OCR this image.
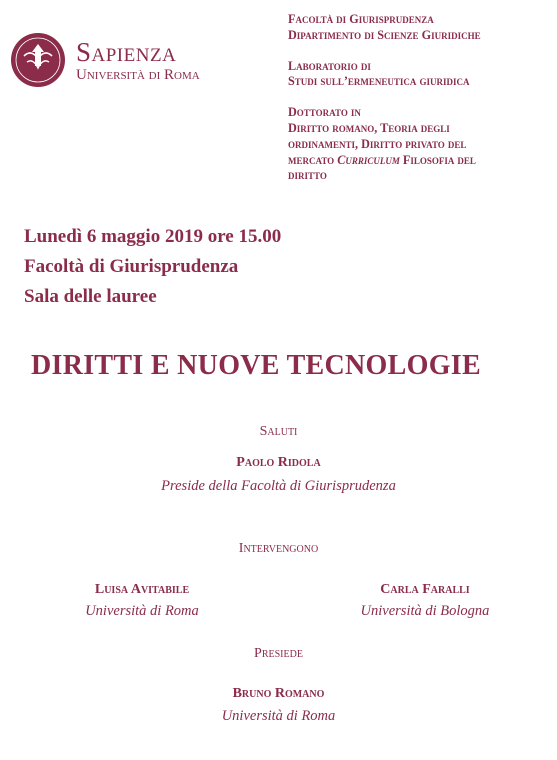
Sapienza
Università di Roma
Facoltà di Giurisprudenza
Dipartimento di Scienze Giuridiche
Laboratorio di
Studi sull’ermeneutica giuridica
Dottorato in
Diritto romano, Teoria degli
ordinamenti, Diritto privato del
mercato Curriculum Filosofia del
diritto
Lunedì 6 maggio 2019 ore 15.00
Facoltà di Giurisprudenza
Sala delle lauree
DIRITTI E NUOVE TECNOLOGIE
Saluti
Paolo Ridola
Preside della Facoltà di Giurisprudenza
Intervengono
Luisa Avitabile
Università di Roma
Carla Faralli
Università di Bologna
Presiede
Bruno Romano
Università di Roma
